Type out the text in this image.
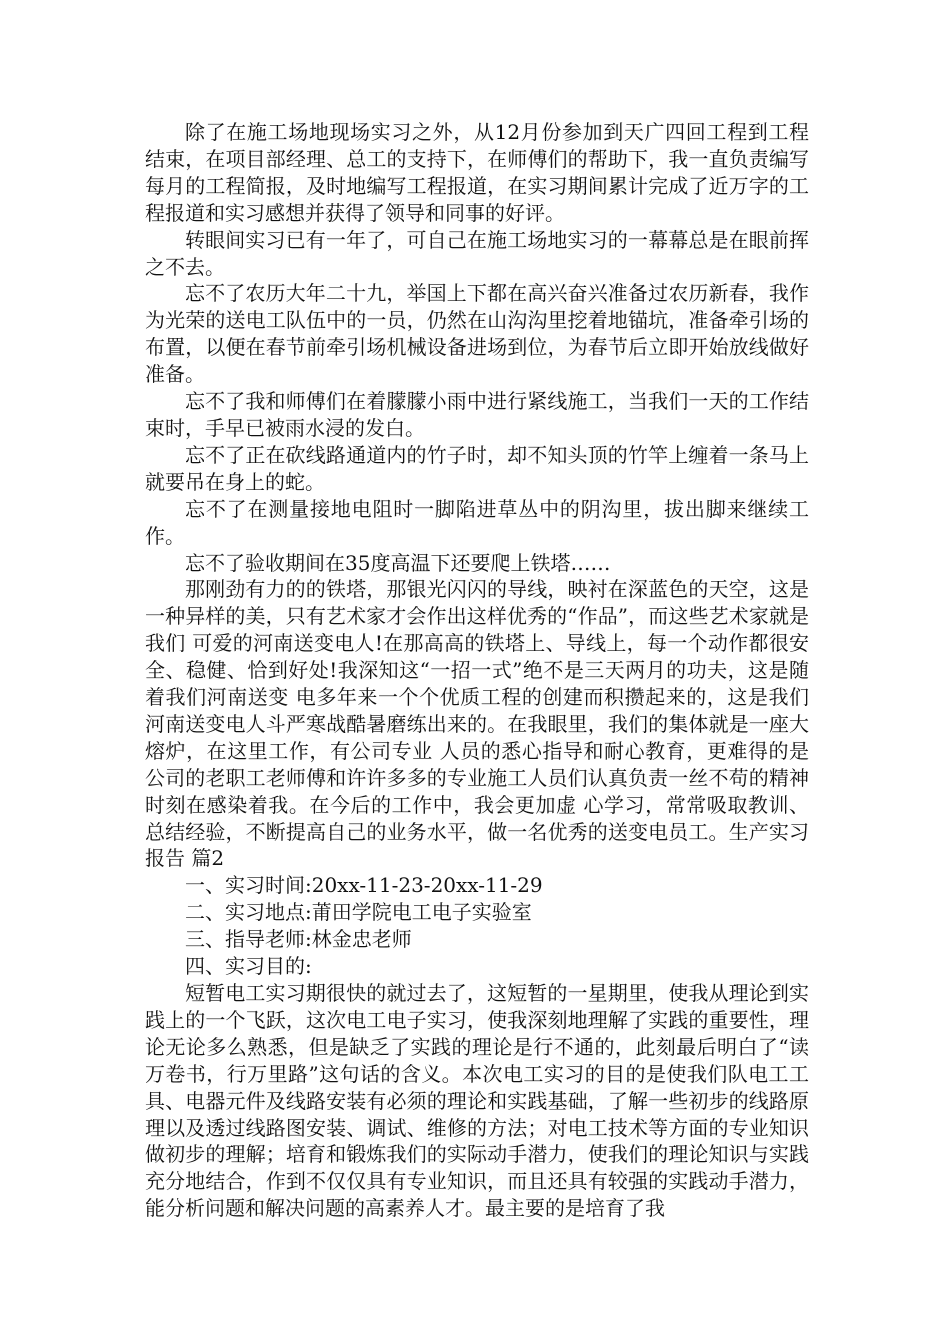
除了在施工场地现场实习之外，从12月份参加到天广四回工程到工程结束，在项目部经理、总工的支持下，在师傅们的帮助下，我一直负责编写每月的工程简报，及时地编写工程报道，在实习期间累计完成了近万字的工程报道和实习感想并获得了领导和同事的好评。

转眼间实习已有一年了，可自己在施工场地实习的一幕幕总是在眼前挥之不去。

忘不了农历大年二十九，举国上下都在高兴奋兴准备过农历新春，我作为光荣的送电工队伍中的一员，仍然在山沟沟里挖着地锚坑，准备牵引场的布置，以便在春节前牵引场机械设备进场到位，为春节后立即开始放线做好准备。

忘不了我和师傅们在着朦朦小雨中进行紧线施工，当我们一天的工作结束时，手早已被雨水浸的发白。

忘不了正在砍线路通道内的竹子时，却不知头顶的竹竿上缠着一条马上就要吊在身上的蛇。

忘不了在测量接地电阻时一脚陷进草丛中的阴沟里，拔出脚来继续工作。

忘不了验收期间在35度高温下还要爬上铁塔……

那刚劲有力的的铁塔，那银光闪闪的导线，映衬在深蓝色的天空，这是一种异样的美，只有艺术家才会作出这样优秀的“作品”，而这些艺术家就是我们 可爱的河南送变电人!在那高高的铁塔上、导线上，每一个动作都很安全、稳健、恰到好处!我深知这“一招一式”绝不是三天两月的功夫，这是随着我们河南送变 电多年来一个个优质工程的创建而积攒起来的，这是我们河南送变电人斗严寒战酷暑磨练出来的。在我眼里，我们的集体就是一座大熔炉，在这里工作，有公司专业 人员的悉心指导和耐心教育，更难得的是公司的老职工老师傅和许许多多的专业施工人员们认真负责一丝不苟的精神时刻在感染着我。在今后的工作中，我会更加虚 心学习，常常吸取教训、总结经验，不断提高自己的业务水平，做一名优秀的送变电员工。生产实习报告 篇2

一、实习时间:20xx-11-23-20xx-11-29

二、实习地点:莆田学院电工电子实验室

三、指导老师:林金忠老师

四、实习目的:

短暂电工实习期很快的就过去了，这短暂的一星期里，使我从理论到实践上的一个飞跃，这次电工电子实习，使我深刻地理解了实践的重要性，理论无论多么熟悉，但是缺乏了实践的理论是行不通的，此刻最后明白了“读万卷书，行万里路”这句话的含义。本次电工实习的目的是使我们队电工工具、电器元件及线路安装有必须的理论和实践基础，了解一些初步的线路原理以及透过线路图安装、调试、维修的方法；对电工技术等方面的专业知识做初步的理解；培育和锻炼我们的实际动手潜力，使我们的理论知识与实践充分地结合，作到不仅仅具有专业知识，而且还具有较强的实践动手潜力，能分析问题和解决问题的高素养人才。最主要的是培育了我
